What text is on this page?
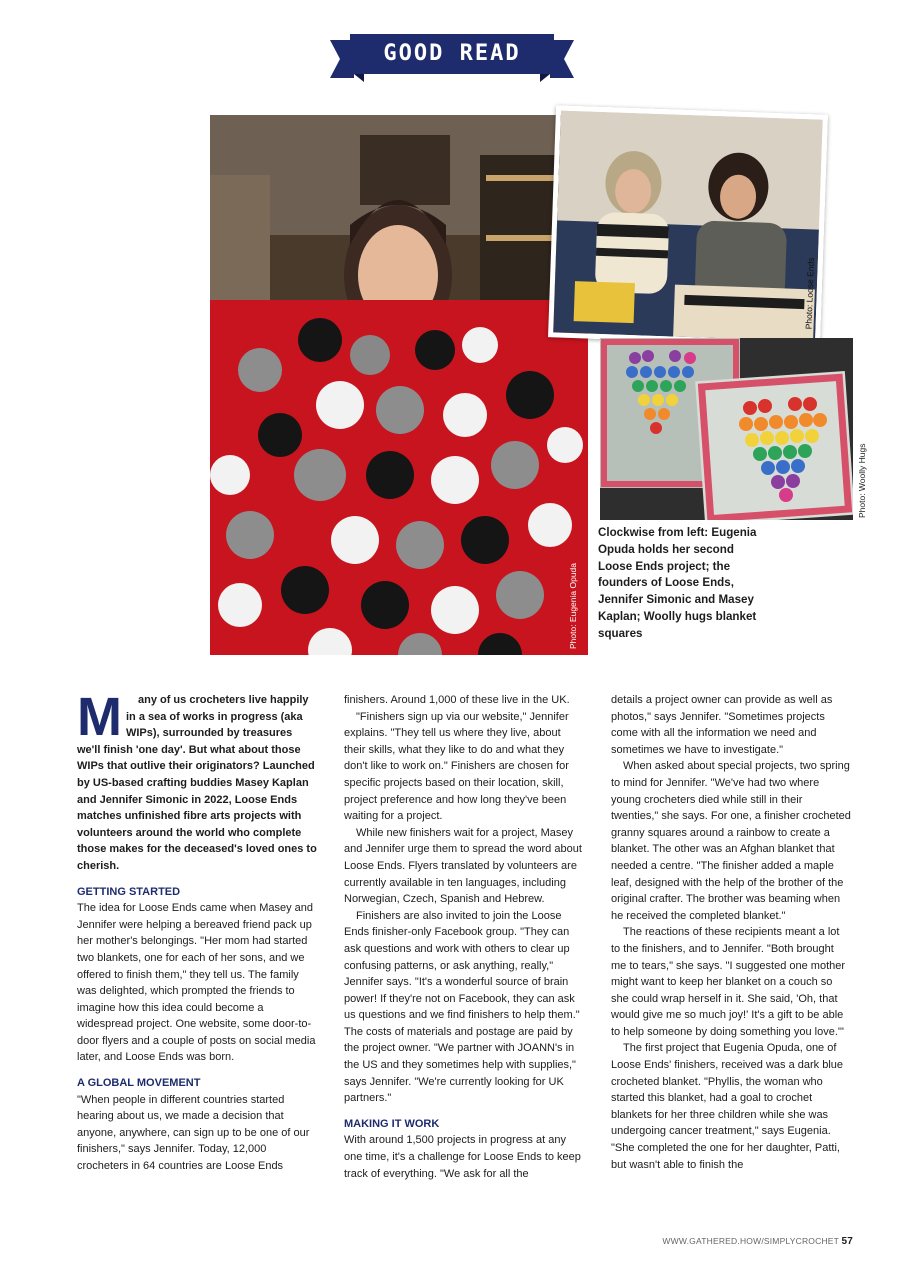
GOOD READ
Photo: Eugenia Opuda
Photo: Loose Ends
Photo: Woolly Hugs
Clockwise from left: Eugenia Opuda holds her second Loose Ends project; the founders of Loose Ends, Jennifer Simonic and Masey Kaplan; Woolly hugs blanket squares
M	any of us crocheters live happily in a sea of works in progress (aka WIPs), surrounded by treasures we'll finish 'one day'. But what about those WIPs that outlive their originators? Launched by US-based crafting buddies Masey Kaplan and Jennifer Simonic in 2022, Loose Ends matches unfinished fibre arts projects with volunteers around the world who complete those makes for the deceased's loved ones to cherish.

GETTING STARTED

The idea for Loose Ends came when Masey and Jennifer were helping a bereaved friend pack up her mother's belongings. "Her mom had started two blankets, one for each of her sons, and we offered to finish them," they tell us. The family was delighted, which prompted the friends to imagine how this idea could become a widespread project. One website, some door-to-door flyers and a couple of posts on social media later, and Loose Ends was born.

A GLOBAL MOVEMENT

"When people in different countries started hearing about us, we made a decision that anyone, anywhere, can sign up to be one of our finishers," says Jennifer. Today, 12,000 crocheters in 64 countries are Loose Ends

finishers. Around 1,000 of these live in the UK.

"Finishers sign up via our website," Jennifer explains. "They tell us where they live, about their skills, what they like to do and what they don't like to work on." Finishers are chosen for specific projects based on their location, skill, project preference and how long they've been waiting for a project.

While new finishers wait for a project, Masey and Jennifer urge them to spread the word about Loose Ends. Flyers translated by volunteers are currently available in ten languages, including Norwegian, Czech, Spanish and Hebrew.

Finishers are also invited to join the Loose Ends finisher-only Facebook group. "They can ask questions and work with others to clear up confusing patterns, or ask anything, really," Jennifer says. "It's a wonderful source of brain power! If they're not on Facebook, they can ask us questions and we find finishers to help them." The costs of materials and postage are paid by the project owner. "We partner with JOANN's in the US and they sometimes help with supplies," says Jennifer. "We're currently looking for UK partners."

MAKING IT WORK

With around 1,500 projects in progress at any one time, it's a challenge for Loose Ends to keep track of everything. "We ask for all the

details a project owner can provide as well as photos," says Jennifer. "Sometimes projects come with all the information we need and sometimes we have to investigate."

When asked about special projects, two spring to mind for Jennifer. "We've had two where young crocheters died while still in their twenties," she says. For one, a finisher crocheted granny squares around a rainbow to create a blanket. The other was an Afghan blanket that needed a centre. "The finisher added a maple leaf, designed with the help of the brother of the original crafter. The brother was beaming when he received the completed blanket."

The reactions of these recipients meant a lot to the finishers, and to Jennifer. "Both brought me to tears," she says. "I suggested one mother might want to keep her blanket on a couch so she could wrap herself in it. She said, 'Oh, that would give me so much joy!' It's a gift to be able to help someone by doing something you love.'"

The first project that Eugenia Opuda, one of Loose Ends' finishers, received was a dark blue crocheted blanket. "Phyllis, the woman who started this blanket, had a goal to crochet blankets for her three children while she was undergoing cancer treatment," says Eugenia. "She completed the one for her daughter, Patti, but wasn't able to finish the

WWW.GATHERED.HOW/SIMPLYCROCHET 57
